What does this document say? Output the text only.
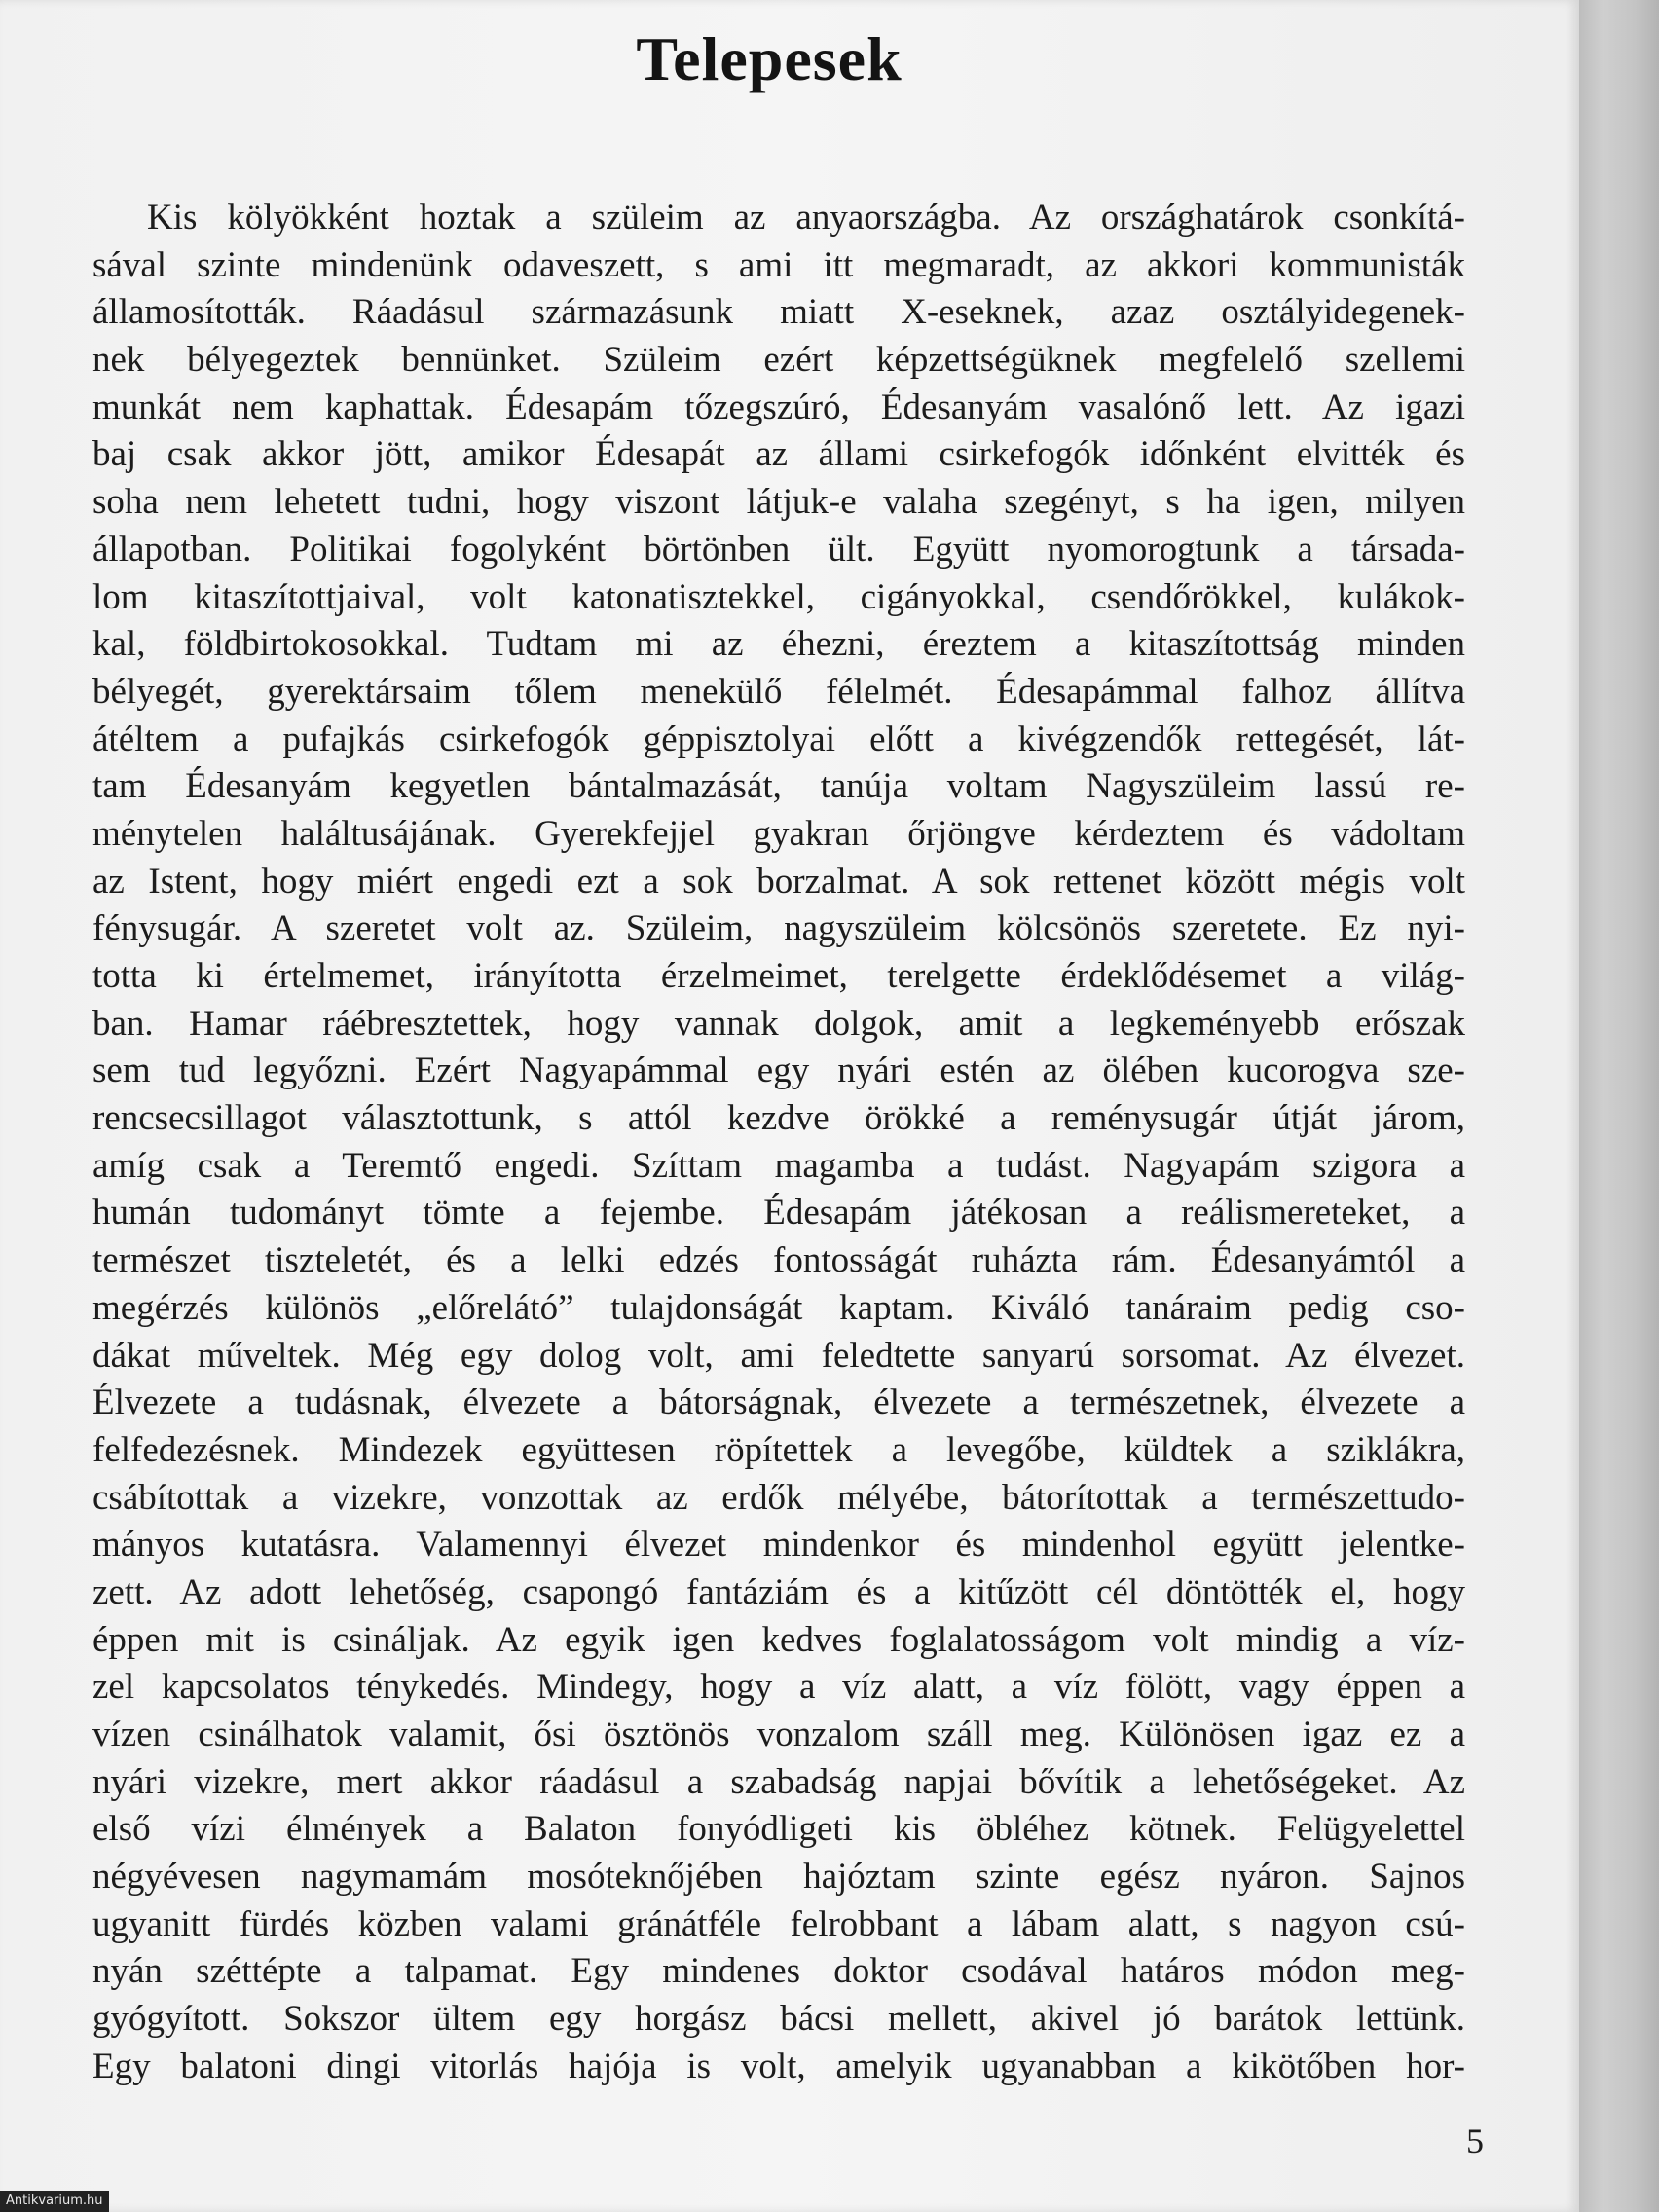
Telepesek
Kis kölyökként hoztak a szüleim az anyaországba. Az országhatárok csonkítá-
sával szinte mindenünk odaveszett, s ami itt megmaradt, az akkori kommunisták
államosították. Ráadásul származásunk miatt X-eseknek, azaz osztályidegenek-
nek bélyegeztek bennünket. Szüleim ezért képzettségüknek megfelelő szellemi
munkát nem kaphattak. Édesapám tőzegszúró, Édesanyám vasalónő lett. Az igazi
baj csak akkor jött, amikor Édesapát az állami csirkefogók időnként elvitték és
soha nem lehetett tudni, hogy viszont látjuk-e valaha szegényt, s ha igen, milyen
állapotban. Politikai fogolyként börtönben ült. Együtt nyomorogtunk a társada-
lom kitaszítottjaival, volt katonatisztekkel, cigányokkal, csendőrökkel, kulákok-
kal, földbirtokosokkal. Tudtam mi az éhezni, éreztem a kitaszítottság minden
bélyegét, gyerektársaim tőlem menekülő félelmét. Édesapámmal falhoz állítva
átéltem a pufajkás csirkefogók géppisztolyai előtt a kivégzendők rettegését, lát-
tam Édesanyám kegyetlen bántalmazását, tanúja voltam Nagyszüleim lassú re-
ménytelen haláltusájának. Gyerekfejjel gyakran őrjöngve kérdeztem és vádoltam
az Istent, hogy miért engedi ezt a sok borzalmat. A sok rettenet között mégis volt
fénysugár. A szeretet volt az. Szüleim, nagyszüleim kölcsönös szeretete. Ez nyi-
totta ki értelmemet, irányította érzelmeimet, terelgette érdeklődésemet a világ-
ban. Hamar ráébresztettek, hogy vannak dolgok, amit a legkeményebb erőszak
sem tud legyőzni. Ezért Nagyapámmal egy nyári estén az ölében kucorogva sze-
rencsecsillagot választottunk, s attól kezdve örökké a reménysugár útját járom,
amíg csak a Teremtő engedi. Szíttam magamba a tudást. Nagyapám szigora a
humán tudományt tömte a fejembe. Édesapám játékosan a reálismereteket, a
természet tiszteletét, és a lelki edzés fontosságát ruházta rám. Édesanyámtól a
megérzés különös „előrelátó” tulajdonságát kaptam. Kiváló tanáraim pedig cso-
dákat műveltek. Még egy dolog volt, ami feledtette sanyarú sorsomat. Az élvezet.
Élvezete a tudásnak, élvezete a bátorságnak, élvezete a természetnek, élvezete a
felfedezésnek. Mindezek együttesen röpítettek a levegőbe, küldtek a sziklákra,
csábítottak a vizekre, vonzottak az erdők mélyébe, bátorítottak a természettudo-
mányos kutatásra. Valamennyi élvezet mindenkor és mindenhol együtt jelentke-
zett. Az adott lehetőség, csapongó fantáziám és a kitűzött cél döntötték el, hogy
éppen mit is csináljak. Az egyik igen kedves foglalatosságom volt mindig a víz-
zel kapcsolatos ténykedés. Mindegy, hogy a víz alatt, a víz fölött, vagy éppen a
vízen csinálhatok valamit, ősi ösztönös vonzalom száll meg. Különösen igaz ez a
nyári vizekre, mert akkor ráadásul a szabadság napjai bővítik a lehetőségeket. Az
első vízi élmények a Balaton fonyódligeti kis öbléhez kötnek. Felügyelettel
négyévesen nagymamám mosóteknőjében hajóztam szinte egész nyáron. Sajnos
ugyanitt fürdés közben valami gránátféle felrobbant a lábam alatt, s nagyon csú-
nyán széttépte a talpamat. Egy mindenes doktor csodával határos módon meg-
gyógyított. Sokszor ültem egy horgász bácsi mellett, akivel jó barátok lettünk.
Egy balatoni dingi vitorlás hajója is volt, amelyik ugyanabban a kikötőben hor-
5
Antikvarium.hu
